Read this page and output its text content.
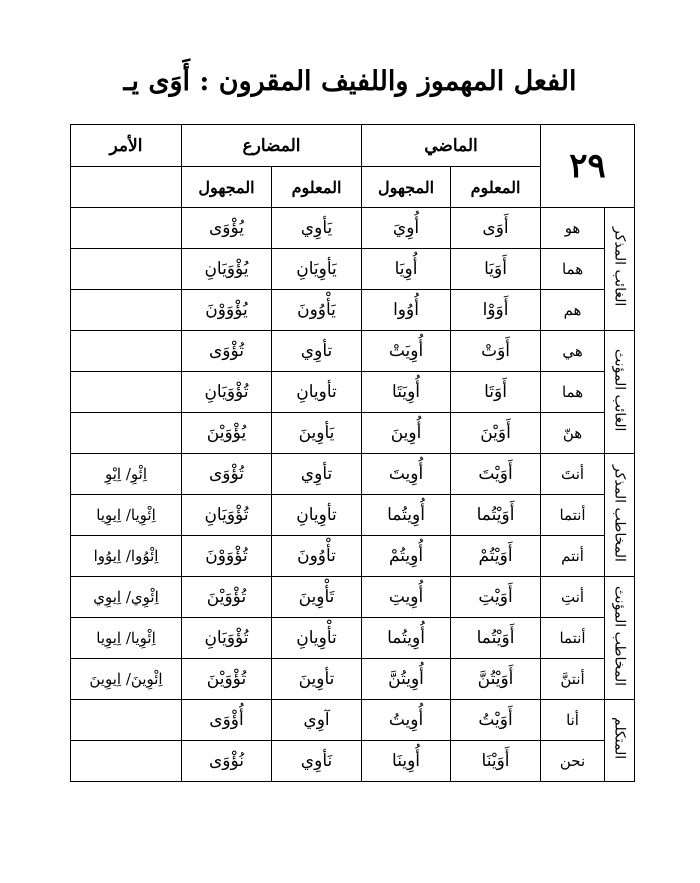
الفعل المهموز واللفيف المقرون : أَوَى يـ
٢٩		الماضي		المضارع		الأمر
		المعلوم	المجهول	المعلوم	المجهول	
الغائب المذكر	هو	أَوَى	أُوِيَ	يَأوِي	يُؤْوَى	
	هما	أَوَيَا	أُوِيَا	يَأوِيَانِ	يُؤْوَيَانِ	
	هم	أَوَوْا	أُوُوا	يَأْوُونَ	يُؤْوَوْنَ	
الغائب المؤنث	هي	أَوَتْ	أُوِيَتْ	تأوِي	تُؤْوَى	
	هما	أَوَتَا	أُوِيَتَا	تأويانِ	تُؤْوَيَانِ	
	هنّ	أَوَيْنَ	أُوِينَ	يَأوِينَ	يُؤْوَيْنَ	
المخاطب المذكر	أنتَ	أَوَيْتَ	أُوِيتَ	تأوِي	تُؤْوَى	اِئْوِ/ اِيْوِ
	أنتما	أَوَيْتُما	أُوِيتُما	تأوِيانِ	تُؤْوَيَانِ	اِئْوِيا/ اِيوِيا
	أنتم	أَوَيْتُمْ	أُوِيتُمْ	تأْوُونَ	تُؤْوَوْنَ	اِئْوُوا/ اِيوُوا
المخاطب المؤنث	أنتِ	أَوَيْتِ	أُوِيتِ	تَأْوِينَ	تُؤْوَيْنَ	اِئْوِي/ اِيوِي
	أنتما	أَوَيْتُما	أُوِيتُما	تأْوِيانِ	تُؤْوَيَانِ	اِئْوِيا/ اِيوِيا
	أنتنَّ	أَوَيْتُنَّ	أُوِيتُنَّ	تأوِينَ	تُؤْوَيْنَ	اِئْوِينَ/ اِيوِينَ
المتكلم	أنا	أَوَيْتُ	أُوِيتُ	آوِي	أُؤْوَى	
	نحن	أَوَيْنَا	أُوِينَا	نَأوِي	نُؤْوَى	
